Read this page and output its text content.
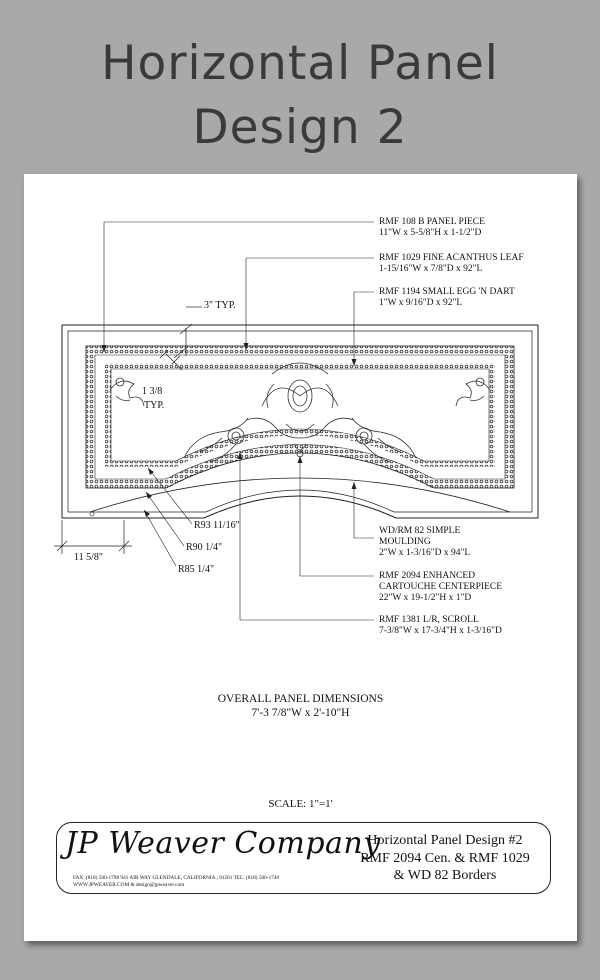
Horizontal Panel
Design 2
RMF 108 B PANEL PIECE
11"W x 5-5/8"H x 1-1/2"D
RMF 1029 FINE ACANTHUS LEAF
1-15/16"W x 7/8"D x 92"L
RMF 1194 SMALL EGG 'N DART
1"W x 9/16"D x 92"L
WD/RM 82 SIMPLE
MOULDING
2"W x 1-3/16"D x 94"L
RMF 2094 ENHANCED
CARTOUCHE CENTERPIECE
22"W x 19-1/2"H x 1"D
RMF 1381 L/R, SCROLL
7-3/8"W x 17-3/4"H x 1-3/16"D
3" TYP.
1 3/8
TYP.
R93 11/16"
R90 1/4"
R85 1/4"
11 5/8"
OVERALL PANEL DIMENSIONS
7'-3 7/8"W x 2'-10"H
SCALE: 1"=1'
JP Weaver Company
FAX: (818) 500-1798 941 AIR WAY GLENDALE, CALIFORNIA , 91201 TEL: (818) 500-1740
WWW.JPWEAVER.COM & design@jpweaver.com
Horizontal Panel Design #2
RMF 2094 Cen. & RMF 1029
& WD 82 Borders
